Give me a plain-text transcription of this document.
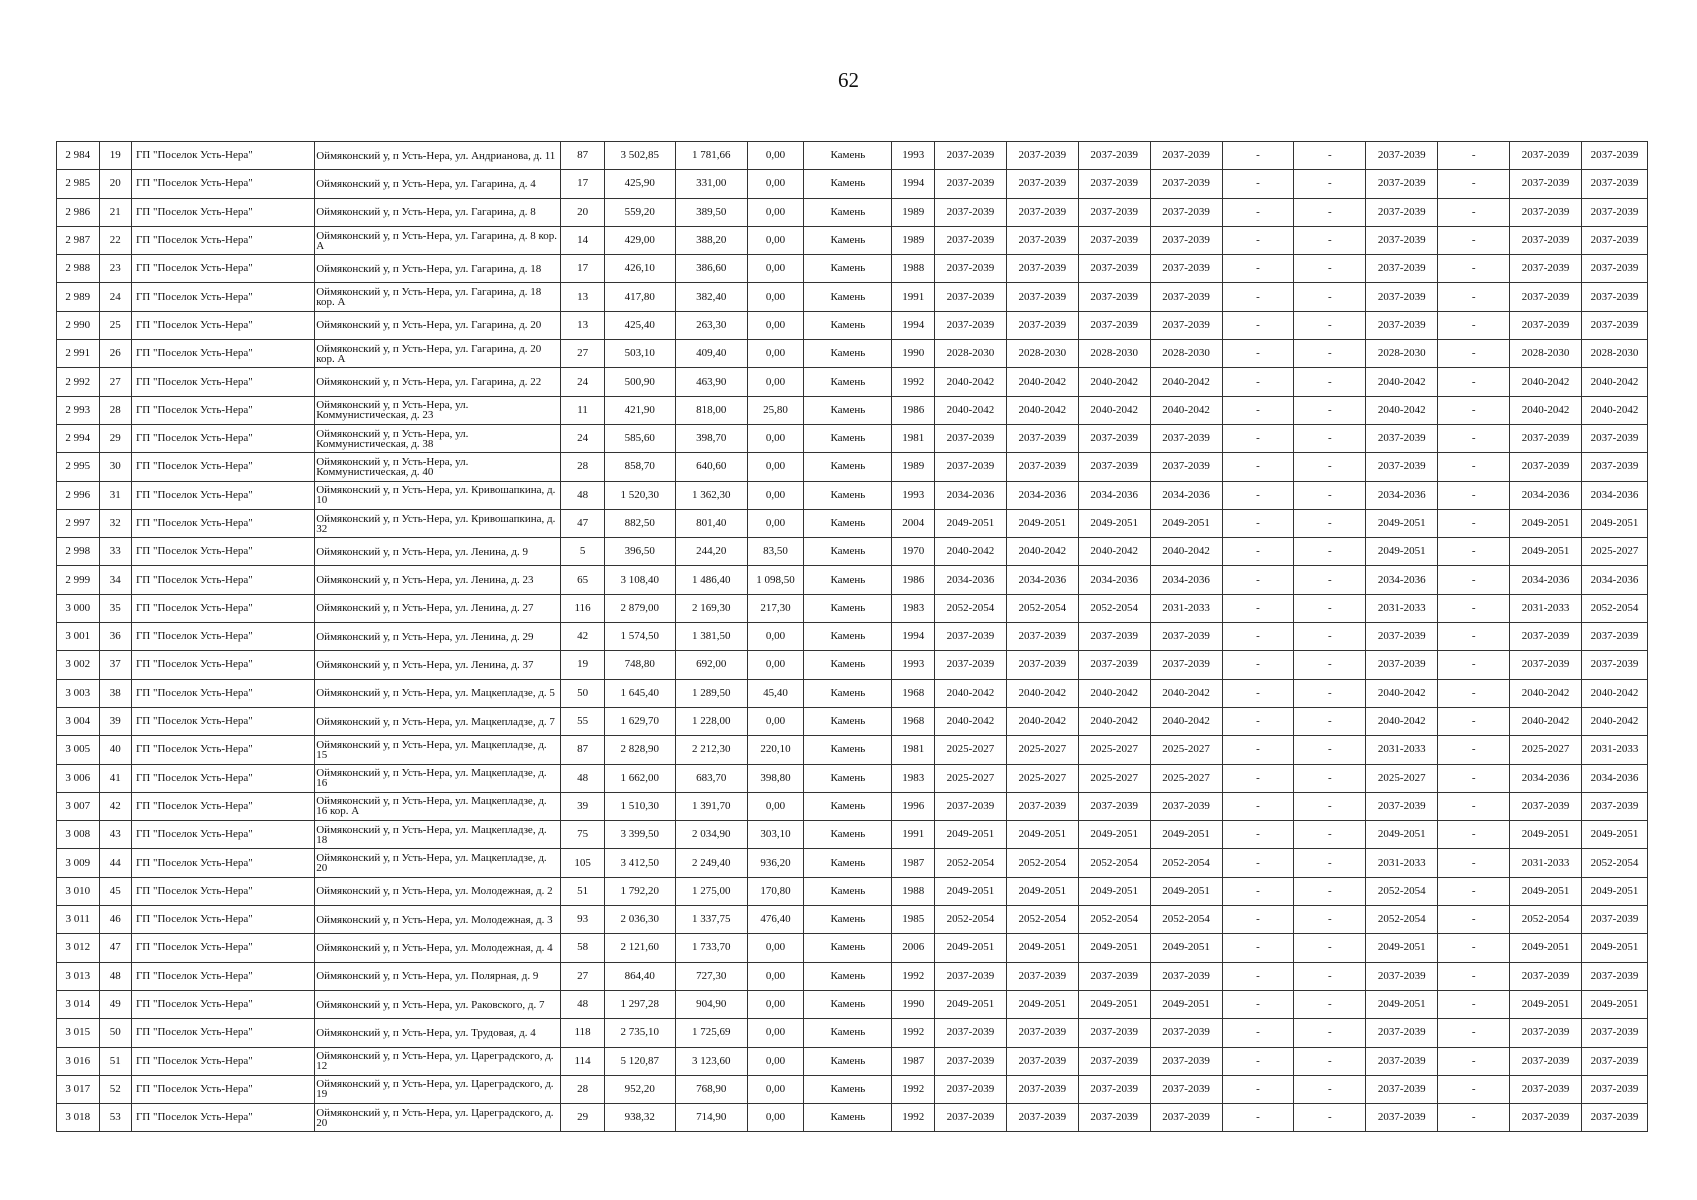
62
2 984	19	ГП "Поселок Усть-Нера"	Оймяконский у, п Усть-Нера, ул. Андрианова, д. 11	87	3 502,85	1 781,66	0,00	Камень	1993	2037-2039	2037-2039	2037-2039	2037-2039	-	-	2037-2039	-	2037-2039	2037-2039
2 985	20	ГП "Поселок Усть-Нера"	Оймяконский у, п Усть-Нера, ул. Гагарина, д. 4	17	425,90	331,00	0,00	Камень	1994	2037-2039	2037-2039	2037-2039	2037-2039	-	-	2037-2039	-	2037-2039	2037-2039
2 986	21	ГП "Поселок Усть-Нера"	Оймяконский у, п Усть-Нера, ул. Гагарина, д. 8	20	559,20	389,50	0,00	Камень	1989	2037-2039	2037-2039	2037-2039	2037-2039	-	-	2037-2039	-	2037-2039	2037-2039
2 987	22	ГП "Поселок Усть-Нера"	Оймяконский у, п Усть-Нера, ул. Гагарина, д. 8 кор. А	14	429,00	388,20	0,00	Камень	1989	2037-2039	2037-2039	2037-2039	2037-2039	-	-	2037-2039	-	2037-2039	2037-2039
2 988	23	ГП "Поселок Усть-Нера"	Оймяконский у, п Усть-Нера, ул. Гагарина, д. 18	17	426,10	386,60	0,00	Камень	1988	2037-2039	2037-2039	2037-2039	2037-2039	-	-	2037-2039	-	2037-2039	2037-2039
2 989	24	ГП "Поселок Усть-Нера"	Оймяконский у, п Усть-Нера, ул. Гагарина, д. 18 кор. А	13	417,80	382,40	0,00	Камень	1991	2037-2039	2037-2039	2037-2039	2037-2039	-	-	2037-2039	-	2037-2039	2037-2039
2 990	25	ГП "Поселок Усть-Нера"	Оймяконский у, п Усть-Нера, ул. Гагарина, д. 20	13	425,40	263,30	0,00	Камень	1994	2037-2039	2037-2039	2037-2039	2037-2039	-	-	2037-2039	-	2037-2039	2037-2039
2 991	26	ГП "Поселок Усть-Нера"	Оймяконский у, п Усть-Нера, ул. Гагарина, д. 20 кор. А	27	503,10	409,40	0,00	Камень	1990	2028-2030	2028-2030	2028-2030	2028-2030	-	-	2028-2030	-	2028-2030	2028-2030
2 992	27	ГП "Поселок Усть-Нера"	Оймяконский у, п Усть-Нера, ул. Гагарина, д. 22	24	500,90	463,90	0,00	Камень	1992	2040-2042	2040-2042	2040-2042	2040-2042	-	-	2040-2042	-	2040-2042	2040-2042
2 993	28	ГП "Поселок Усть-Нера"	Оймяконский у, п Усть-Нера, ул. Коммунистическая, д. 23	11	421,90	818,00	25,80	Камень	1986	2040-2042	2040-2042	2040-2042	2040-2042	-	-	2040-2042	-	2040-2042	2040-2042
2 994	29	ГП "Поселок Усть-Нера"	Оймяконский у, п Усть-Нера, ул. Коммунистическая, д. 38	24	585,60	398,70	0,00	Камень	1981	2037-2039	2037-2039	2037-2039	2037-2039	-	-	2037-2039	-	2037-2039	2037-2039
2 995	30	ГП "Поселок Усть-Нера"	Оймяконский у, п Усть-Нера, ул. Коммунистическая, д. 40	28	858,70	640,60	0,00	Камень	1989	2037-2039	2037-2039	2037-2039	2037-2039	-	-	2037-2039	-	2037-2039	2037-2039
2 996	31	ГП "Поселок Усть-Нера"	Оймяконский у, п Усть-Нера, ул. Кривошапкина, д. 10	48	1 520,30	1 362,30	0,00	Камень	1993	2034-2036	2034-2036	2034-2036	2034-2036	-	-	2034-2036	-	2034-2036	2034-2036
2 997	32	ГП "Поселок Усть-Нера"	Оймяконский у, п Усть-Нера, ул. Кривошапкина, д. 32	47	882,50	801,40	0,00	Камень	2004	2049-2051	2049-2051	2049-2051	2049-2051	-	-	2049-2051	-	2049-2051	2049-2051
2 998	33	ГП "Поселок Усть-Нера"	Оймяконский у, п Усть-Нера, ул. Ленина, д. 9	5	396,50	244,20	83,50	Камень	1970	2040-2042	2040-2042	2040-2042	2040-2042	-	-	2049-2051	-	2049-2051	2025-2027
2 999	34	ГП "Поселок Усть-Нера"	Оймяконский у, п Усть-Нера, ул. Ленина, д. 23	65	3 108,40	1 486,40	1 098,50	Камень	1986	2034-2036	2034-2036	2034-2036	2034-2036	-	-	2034-2036	-	2034-2036	2034-2036
3 000	35	ГП "Поселок Усть-Нера"	Оймяконский у, п Усть-Нера, ул. Ленина, д. 27	116	2 879,00	2 169,30	217,30	Камень	1983	2052-2054	2052-2054	2052-2054	2031-2033	-	-	2031-2033	-	2031-2033	2052-2054
3 001	36	ГП "Поселок Усть-Нера"	Оймяконский у, п Усть-Нера, ул. Ленина, д. 29	42	1 574,50	1 381,50	0,00	Камень	1994	2037-2039	2037-2039	2037-2039	2037-2039	-	-	2037-2039	-	2037-2039	2037-2039
3 002	37	ГП "Поселок Усть-Нера"	Оймяконский у, п Усть-Нера, ул. Ленина, д. 37	19	748,80	692,00	0,00	Камень	1993	2037-2039	2037-2039	2037-2039	2037-2039	-	-	2037-2039	-	2037-2039	2037-2039
3 003	38	ГП "Поселок Усть-Нера"	Оймяконский у, п Усть-Нера, ул. Мацкепладзе, д. 5	50	1 645,40	1 289,50	45,40	Камень	1968	2040-2042	2040-2042	2040-2042	2040-2042	-	-	2040-2042	-	2040-2042	2040-2042
3 004	39	ГП "Поселок Усть-Нера"	Оймяконский у, п Усть-Нера, ул. Мацкепладзе, д. 7	55	1 629,70	1 228,00	0,00	Камень	1968	2040-2042	2040-2042	2040-2042	2040-2042	-	-	2040-2042	-	2040-2042	2040-2042
3 005	40	ГП "Поселок Усть-Нера"	Оймяконский у, п Усть-Нера, ул. Мацкепладзе, д. 15	87	2 828,90	2 212,30	220,10	Камень	1981	2025-2027	2025-2027	2025-2027	2025-2027	-	-	2031-2033	-	2025-2027	2031-2033
3 006	41	ГП "Поселок Усть-Нера"	Оймяконский у, п Усть-Нера, ул. Мацкепладзе, д. 16	48	1 662,00	683,70	398,80	Камень	1983	2025-2027	2025-2027	2025-2027	2025-2027	-	-	2025-2027	-	2034-2036	2034-2036
3 007	42	ГП "Поселок Усть-Нера"	Оймяконский у, п Усть-Нера, ул. Мацкепладзе, д. 16 кор. А	39	1 510,30	1 391,70	0,00	Камень	1996	2037-2039	2037-2039	2037-2039	2037-2039	-	-	2037-2039	-	2037-2039	2037-2039
3 008	43	ГП "Поселок Усть-Нера"	Оймяконский у, п Усть-Нера, ул. Мацкепладзе, д. 18	75	3 399,50	2 034,90	303,10	Камень	1991	2049-2051	2049-2051	2049-2051	2049-2051	-	-	2049-2051	-	2049-2051	2049-2051
3 009	44	ГП "Поселок Усть-Нера"	Оймяконский у, п Усть-Нера, ул. Мацкепладзе, д. 20	105	3 412,50	2 249,40	936,20	Камень	1987	2052-2054	2052-2054	2052-2054	2052-2054	-	-	2031-2033	-	2031-2033	2052-2054
3 010	45	ГП "Поселок Усть-Нера"	Оймяконский у, п Усть-Нера, ул. Молодежная, д. 2	51	1 792,20	1 275,00	170,80	Камень	1988	2049-2051	2049-2051	2049-2051	2049-2051	-	-	2052-2054	-	2049-2051	2049-2051
3 011	46	ГП "Поселок Усть-Нера"	Оймяконский у, п Усть-Нера, ул. Молодежная, д. 3	93	2 036,30	1 337,75	476,40	Камень	1985	2052-2054	2052-2054	2052-2054	2052-2054	-	-	2052-2054	-	2052-2054	2037-2039
3 012	47	ГП "Поселок Усть-Нера"	Оймяконский у, п Усть-Нера, ул. Молодежная, д. 4	58	2 121,60	1 733,70	0,00	Камень	2006	2049-2051	2049-2051	2049-2051	2049-2051	-	-	2049-2051	-	2049-2051	2049-2051
3 013	48	ГП "Поселок Усть-Нера"	Оймяконский у, п Усть-Нера, ул. Полярная, д. 9	27	864,40	727,30	0,00	Камень	1992	2037-2039	2037-2039	2037-2039	2037-2039	-	-	2037-2039	-	2037-2039	2037-2039
3 014	49	ГП "Поселок Усть-Нера"	Оймяконский у, п Усть-Нера, ул. Раковского, д. 7	48	1 297,28	904,90	0,00	Камень	1990	2049-2051	2049-2051	2049-2051	2049-2051	-	-	2049-2051	-	2049-2051	2049-2051
3 015	50	ГП "Поселок Усть-Нера"	Оймяконский у, п Усть-Нера, ул. Трудовая, д. 4	118	2 735,10	1 725,69	0,00	Камень	1992	2037-2039	2037-2039	2037-2039	2037-2039	-	-	2037-2039	-	2037-2039	2037-2039
3 016	51	ГП "Поселок Усть-Нера"	Оймяконский у, п Усть-Нера, ул. Цареградского, д. 12	114	5 120,87	3 123,60	0,00	Камень	1987	2037-2039	2037-2039	2037-2039	2037-2039	-	-	2037-2039	-	2037-2039	2037-2039
3 017	52	ГП "Поселок Усть-Нера"	Оймяконский у, п Усть-Нера, ул. Цареградского, д. 19	28	952,20	768,90	0,00	Камень	1992	2037-2039	2037-2039	2037-2039	2037-2039	-	-	2037-2039	-	2037-2039	2037-2039
3 018	53	ГП "Поселок Усть-Нера"	Оймяконский у, п Усть-Нера, ул. Цареградского, д. 20	29	938,32	714,90	0,00	Камень	1992	2037-2039	2037-2039	2037-2039	2037-2039	-	-	2037-2039	-	2037-2039	2037-2039
